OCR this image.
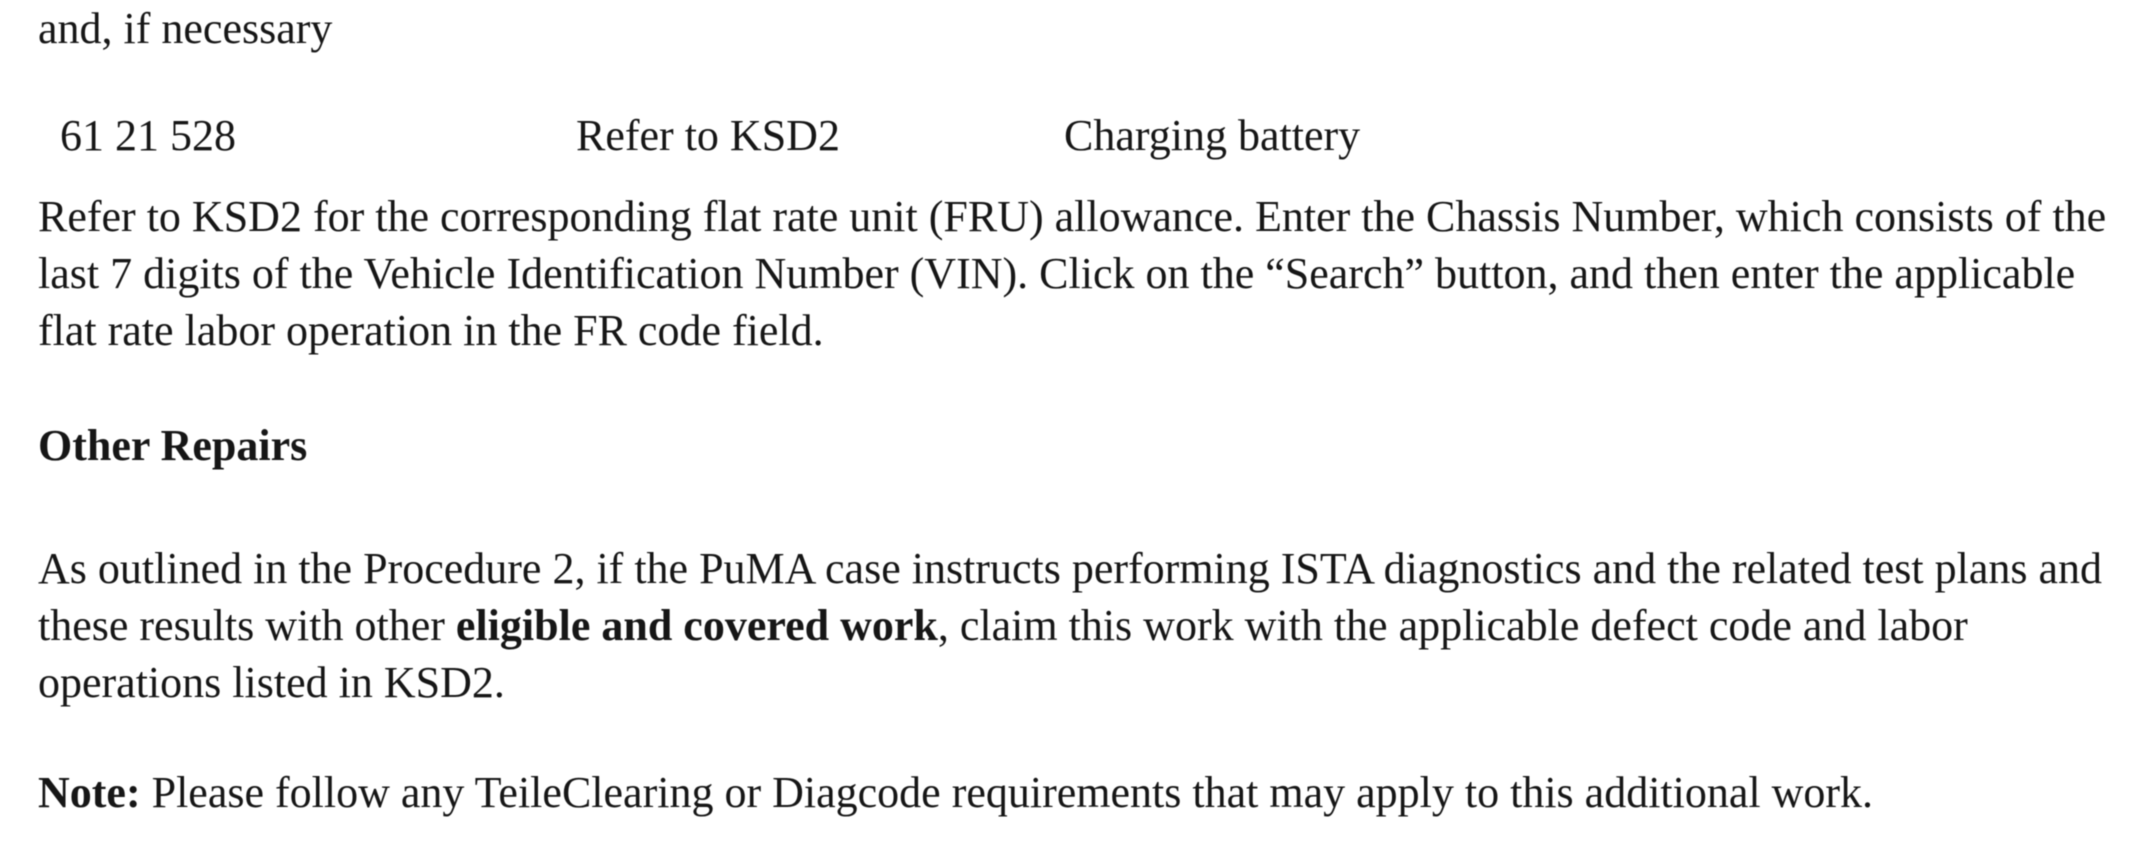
and, if necessary

61 21 528	Refer to KSD2	Charging battery

Refer to KSD2 for the corresponding flat rate unit (FRU) allowance. Enter the Chassis Number, which consists of the last 7 digits of the Vehicle Identification Number (VIN). Click on the “Search” button, and then enter the applicable flat rate labor operation in the FR code field.

Other Repairs

As outlined in the Procedure 2, if the PuMA case instructs performing ISTA diagnostics and the related test plans and these results with other eligible and covered work, claim this work with the applicable defect code and labor operations listed in KSD2.

Note: Please follow any TeileClearing or Diagcode requirements that may apply to this additional work.
